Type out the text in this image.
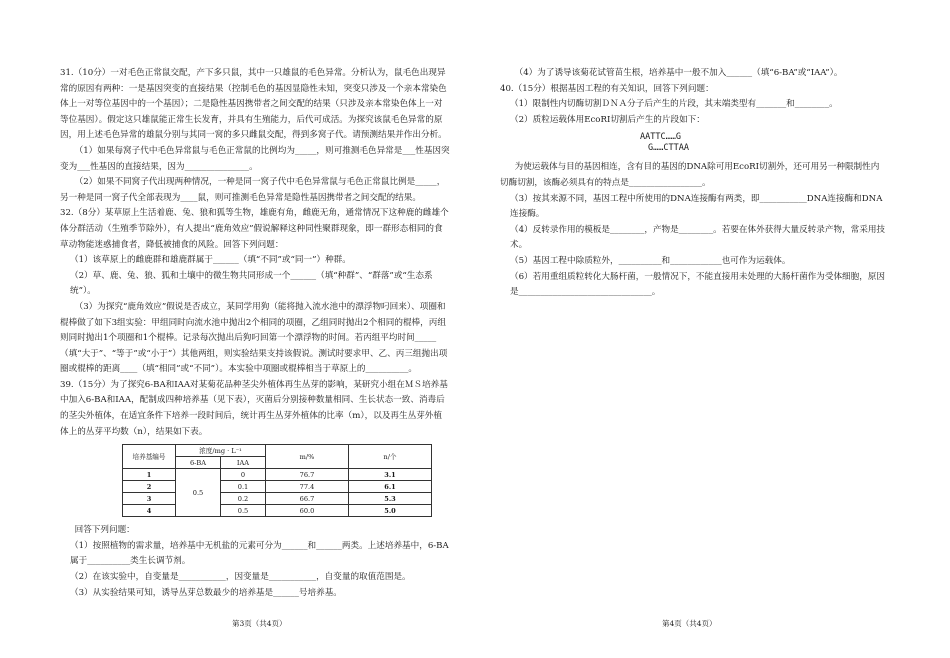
31.（10分）一对毛色正常鼠交配，产下多只鼠，其中一只雄鼠的毛色异常。分析认为，鼠毛色出现异常的原因有两种：一是基因突变的直接结果（控制毛色的基因显隐性未知，突变只涉及一个亲本常染色体上一对等位基因中的一个基因）；二是隐性基因携带者之间交配的结果（只涉及亲本常染色体上一对等位基因）。假定这只雄鼠能正常生长发育，并具有生殖能力，后代可成活。为探究该鼠毛色异常的原因，用上述毛色异常的雄鼠分别与其同一窝的多只雌鼠交配，得到多窝子代。请预测结果并作出分析。

（1）如果每窝子代中毛色异常鼠与毛色正常鼠的比例均为_____，则可推测毛色异常是___性基因突变为___性基因的直接结果，因为_______________。

（2）如果不同窝子代出现两种情况，一种是同一窝子代中毛色异常鼠与毛色正常鼠比例是_____，另一种是同一窝子代全部表现为____鼠，则可推测毛色异常是隐性基因携带者之间交配的结果。

32.（8分）某草原上生活着鹿、兔、狼和狐等生物，雄鹿有角，雌鹿无角，通常情况下这种鹿的雌雄个体分群活动（生殖季节除外），有人提出“鹿角效应”假说解释这种同性聚群现象，即一群形态相同的食草动物能迷惑捕食者，降低被捕食的风险。回答下列问题：

（1）该草原上的雌鹿群和雄鹿群属于______（填“不同”或“同一”）种群。

（2）草、鹿、兔、狼、狐和土壤中的微生物共同形成一个______（填“种群”、“群落”或“生态系统”）。

（3）为探究“鹿角效应”假说是否成立，某同学用狗（能将抛入流水池中的漂浮物叼回来）、项圈和棍棒做了如下3组实验：甲组同时向流水池中抛出2个相同的项圈，乙组同时抛出2个相同的棍棒，丙组则同时抛出1个项圈和1个棍棒。记录每次抛出后狗叼回第一个漂浮物的时间。若丙组平均时间_____（填“大于”、“等于”或“小于”）其他两组，则实验结果支持该假说。测试时要求甲、乙、丙三组抛出项圈或棍棒的距离____（填“相同”或“不同”）。本实验中项圈或棍棒相当于草原上的__________。

39.（15分）为了探究6-BA和IAA对某菊花品种茎尖外植体再生丛芽的影响，某研究小组在ＭＳ培养基中加入6-BA和IAA，配制成四种培养基（见下表），灭菌后分别接种数量相同、生长状态一致、消毒后的茎尖外植体，在适宜条件下培养一段时间后，统计再生丛芽外植体的比率（m），以及再生丛芽外植体上的丛芽平均数（n），结果如下表。

培养基编号	浓度/mg · L⁻¹		m/%	n/个
	6-BA	IAA		
1	0.5	0	76.7	3.1
2		0.1	77.4	6.1
3		0.2	66.7	5.3
4		0.5	60.0	5.0

回答下列问题：

（1）按照植物的需求量，培养基中无机盐的元素可分为______和______两类。上述培养基中，6-BA属于__________类生长调节剂。

（2）在该实验中，自变量是___________，因变量是___________，自变量的取值范围是。

（3）从实验结果可知，诱导丛芽总数最少的培养基是______号培养基。

（4）为了诱导该菊花试管苗生根，培养基中一般不加入______（填“6-BA”或“IAA”）。

40.（15分）根据基因工程的有关知识，回答下列问题：

（1）限制性内切酶切割ＤＮＡ分子后产生的片段，其末端类型有_______和________。

（2）质粒运载体用EcoRⅠ切割后产生的片段如下：

AATTC……G
G……CTTAA

为使运载体与目的基因相连，含有目的基因的DNA除可用EcoRⅠ切割外，还可用另一种限制性内切酶切割，该酶必须具有的特点是_________________。

（3）按其来源不同，基因工程中所使用的DNA连接酶有两类，即___________DNA连接酶和DNA连接酶。

（4）反转录作用的模板是________，产物是________。若要在体外获得大量反转录产物，常采用技术。

（5）基因工程中除质粒外，__________和____________也可作为运载体。

（6）若用重组质粒转化大肠杆菌，一般情况下，不能直接用未处理的大肠杆菌作为受体细胞，原因是_______________________________。

第3页（共4页）	第4页（共4页）
